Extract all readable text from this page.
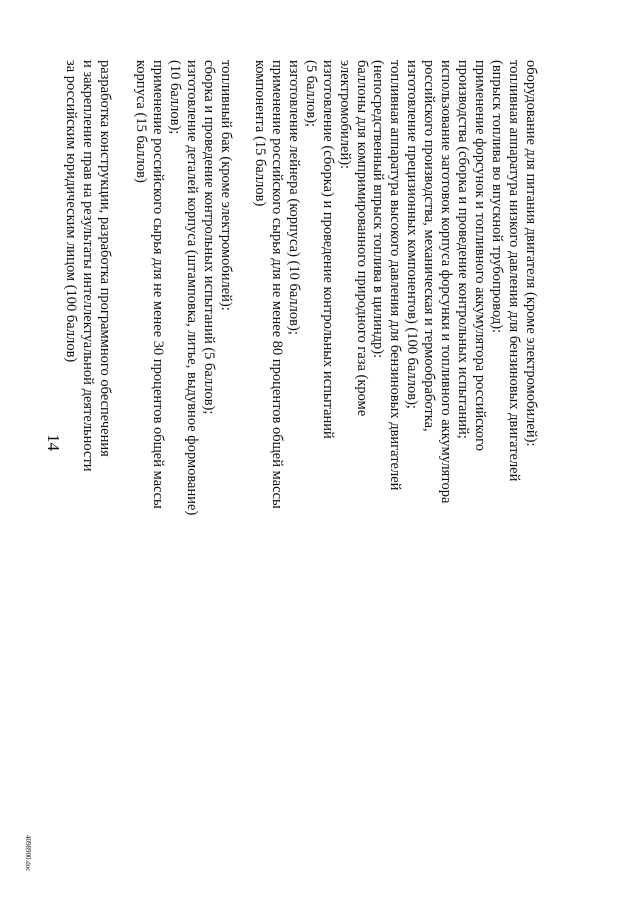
14 разработка конструкции, разработка программного обеспечения
и закрепление прав на результаты интеллектуальной деятельности
за российским юридическим лицом (100 баллов)	топливный бак (кроме электромобилей):
сборка и проведение контрольных испытаний (5 баллов);
изготовление деталей корпуса (штамповка, литье, выдувное формование)
(10 баллов);
применение российского сырья для не менее 30 процентов общей массы
корпуса (15 баллов)	баллоны для компримированного природного газа (кроме
электромобилей):
изготовление (сборка) и проведение контрольных испытаний
(5 баллов);
изготовление лейнера (корпуса) (10 баллов);
применение российского сырья для не менее 80 процентов общей массы
компонента (15 баллов)	оборудование для питания двигателя (кроме электромобилей):
топливная аппаратура низкого давления для бензиновых двигателей
(впрыск топлива во впускной трубопровод):
применение форсунок и топливного аккумулятора российского
производства (сборка и проведение контрольных испытаний;
использование заготовок корпуса форсунки и топливного аккумулятора
российского производства, механическая и термообработка,
изготовление прецизионных компонентов) (100 баллов);
топливная аппаратура высокого давления для бензиновых двигателей
(непосредственный впрыск топлива в цилиндр):
4098900.doc
